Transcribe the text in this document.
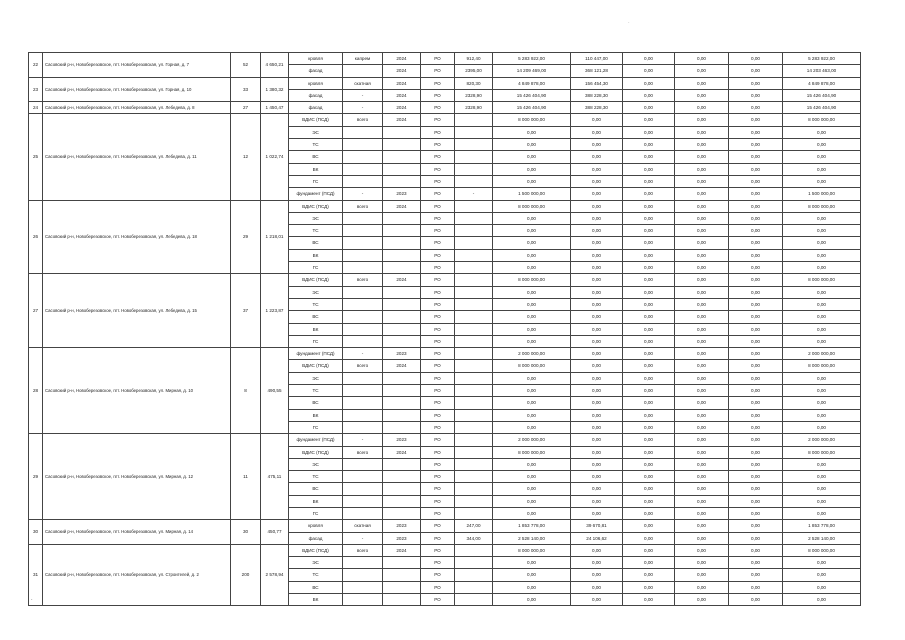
·
·
22	Сасовский р-н, Новоберезовское, пгт. Новоберезовская, ул. Горная, д. 7	52	4 650,21	кровля	капрем	2024	РО	912,40	5 283 922,00	110 447,00	0,00	0,00	0,00	5 283 922,00
				фасад		2024	РО	2395,00	14 209 469,00	368 121,28	0,00	0,00	0,00	14 203 463,00
23	Сасовский р-н, Новоберезовское, пгт. Новоберезовская, ул. Горная, д. 10	33	1 380,32	кровля	скатная	2024	РО	820,30	4 849 878,00	156 454,30	0,00	0,00	0,00	4 849 878,00
				фасад	-	2024	РО	2328,90	15 426 404,90	388 228,30	0,00	0,00	0,00	15 426 404,90
24	Сасовский р-н, Новоберезовское, пгт. Новоберезовская, ул. Лебедева, д. 8	27	1 450,47	фасад	-	2024	РО	2328,90	15 426 404,90	388 228,30	0,00	0,00	0,00	15 426 404,90
25	Сасовский р-н, Новоберезовское, пгт. Новоберезовская, ул. Лебедева, д. 11	12	1 022,74	ВДИС (ПСД)	всего	2024	РО		8 000 000,00	0,00	0,00	0,00	0,00	8 000 000,00
				ЭС			РО		0,00	0,00	0,00	0,00	0,00	0,00
				ТС			РО		0,00	0,00	0,00	0,00	0,00	0,00
				ВС			РО		0,00	0,00	0,00	0,00	0,00	0,00
				ВК			РО		0,00	0,00	0,00	0,00	0,00	0,00
				ГС			РО		0,00	0,00	0,00	0,00	0,00	0,00
				фундамент (ПСД)	-	2023	РО	-	1 500 000,00	0,00	0,00	0,00	0,00	1 500 000,00
26	Сасовский р-н, Новоберезовское, пгт. Новоберезовская, ул. Лебедева, д. 18	29	1 218,01	ВДИС (ПСД)	всего	2024	РО		8 000 000,00	0,00	0,00	0,00	0,00	8 000 000,00
				ЭС			РО		0,00	0,00	0,00	0,00	0,00	0,00
				ТС			РО		0,00	0,00	0,00	0,00	0,00	0,00
				ВС			РО		0,00	0,00	0,00	0,00	0,00	0,00
				ВК			РО		0,00	0,00	0,00	0,00	0,00	0,00
				ГС			РО		0,00	0,00	0,00	0,00	0,00	0,00
27	Сасовский р-н, Новоберезовское, пгт. Новоберезовская, ул. Лебедева, д. 15	37	1 223,87	ВДИС (ПСД)	всего	2024	РО		8 000 000,00	0,00	0,00	0,00	0,00	8 000 000,00
				ЭС			РО		0,00	0,00	0,00	0,00	0,00	0,00
				ТС			РО		0,00	0,00	0,00	0,00	0,00	0,00
				ВС			РО		0,00	0,00	0,00	0,00	0,00	0,00
				ВК			РО		0,00	0,00	0,00	0,00	0,00	0,00
				ГС			РО		0,00	0,00	0,00	0,00	0,00	0,00
28	Сасовский р-н, Новоберезовское, пгт. Новоберезовская, ул. Мирная, д. 10	8	490,55	фундамент (ПСД)	-	2023	РО		2 000 000,00	0,00	0,00	0,00	0,00	2 000 000,00
				ВДИС (ПСД)	всего	2024	РО		8 000 000,00	0,00	0,00	0,00	0,00	8 000 000,00
				ЭС			РО		0,00	0,00	0,00	0,00	0,00	0,00
				ТС			РО		0,00	0,00	0,00	0,00	0,00	0,00
				ВС			РО		0,00	0,00	0,00	0,00	0,00	0,00
				ВК			РО		0,00	0,00	0,00	0,00	0,00	0,00
				ГС			РО		0,00	0,00	0,00	0,00	0,00	0,00
29	Сасовский р-н, Новоберезовское, пгт. Новоберезовская, ул. Мирная, д. 12	11	475,11	фундамент (ПСД)	-	2023	РО		2 000 000,00	0,00	0,00	0,00	0,00	2 000 000,00
				ВДИС (ПСД)	всего	2024	РО		8 000 000,00	0,00	0,00	0,00	0,00	8 000 000,00
				ЭС			РО		0,00	0,00	0,00	0,00	0,00	0,00
				ТС			РО		0,00	0,00	0,00	0,00	0,00	0,00
				ВС			РО		0,00	0,00	0,00	0,00	0,00	0,00
				ВК			РО		0,00	0,00	0,00	0,00	0,00	0,00
				ГС			РО		0,00	0,00	0,00	0,00	0,00	0,00
30	Сасовский р-н, Новоберезовское, пгт. Новоберезовская, ул. Мирная, д. 14	30	450,77	кровля	скатная	2023	РО	247,00	1 853 778,00	39 670,81	0,00	0,00	0,00	1 853 778,00
				фасад	-	2023	РО	344,00	2 528 140,00	24 106,62	0,00	0,00	0,00	2 528 140,00
31	Сасовский р-н, Новоберезовское, пгт. Новоберезовская, ул. Строителей, д. 2	200	2 578,94	ВДИС (ПСД)	всего	2024	РО		8 000 000,00	0,00	0,00	0,00	0,00	8 000 000,00
				ЭС			РО		0,00	0,00	0,00	0,00	0,00	0,00
				ТС			РО		0,00	0,00	0,00	0,00	0,00	0,00
				ВС			РО		0,00	0,00	0,00	0,00	0,00	0,00
				ВК			РО		0,00	0,00	0,00	0,00	0,00	0,00
